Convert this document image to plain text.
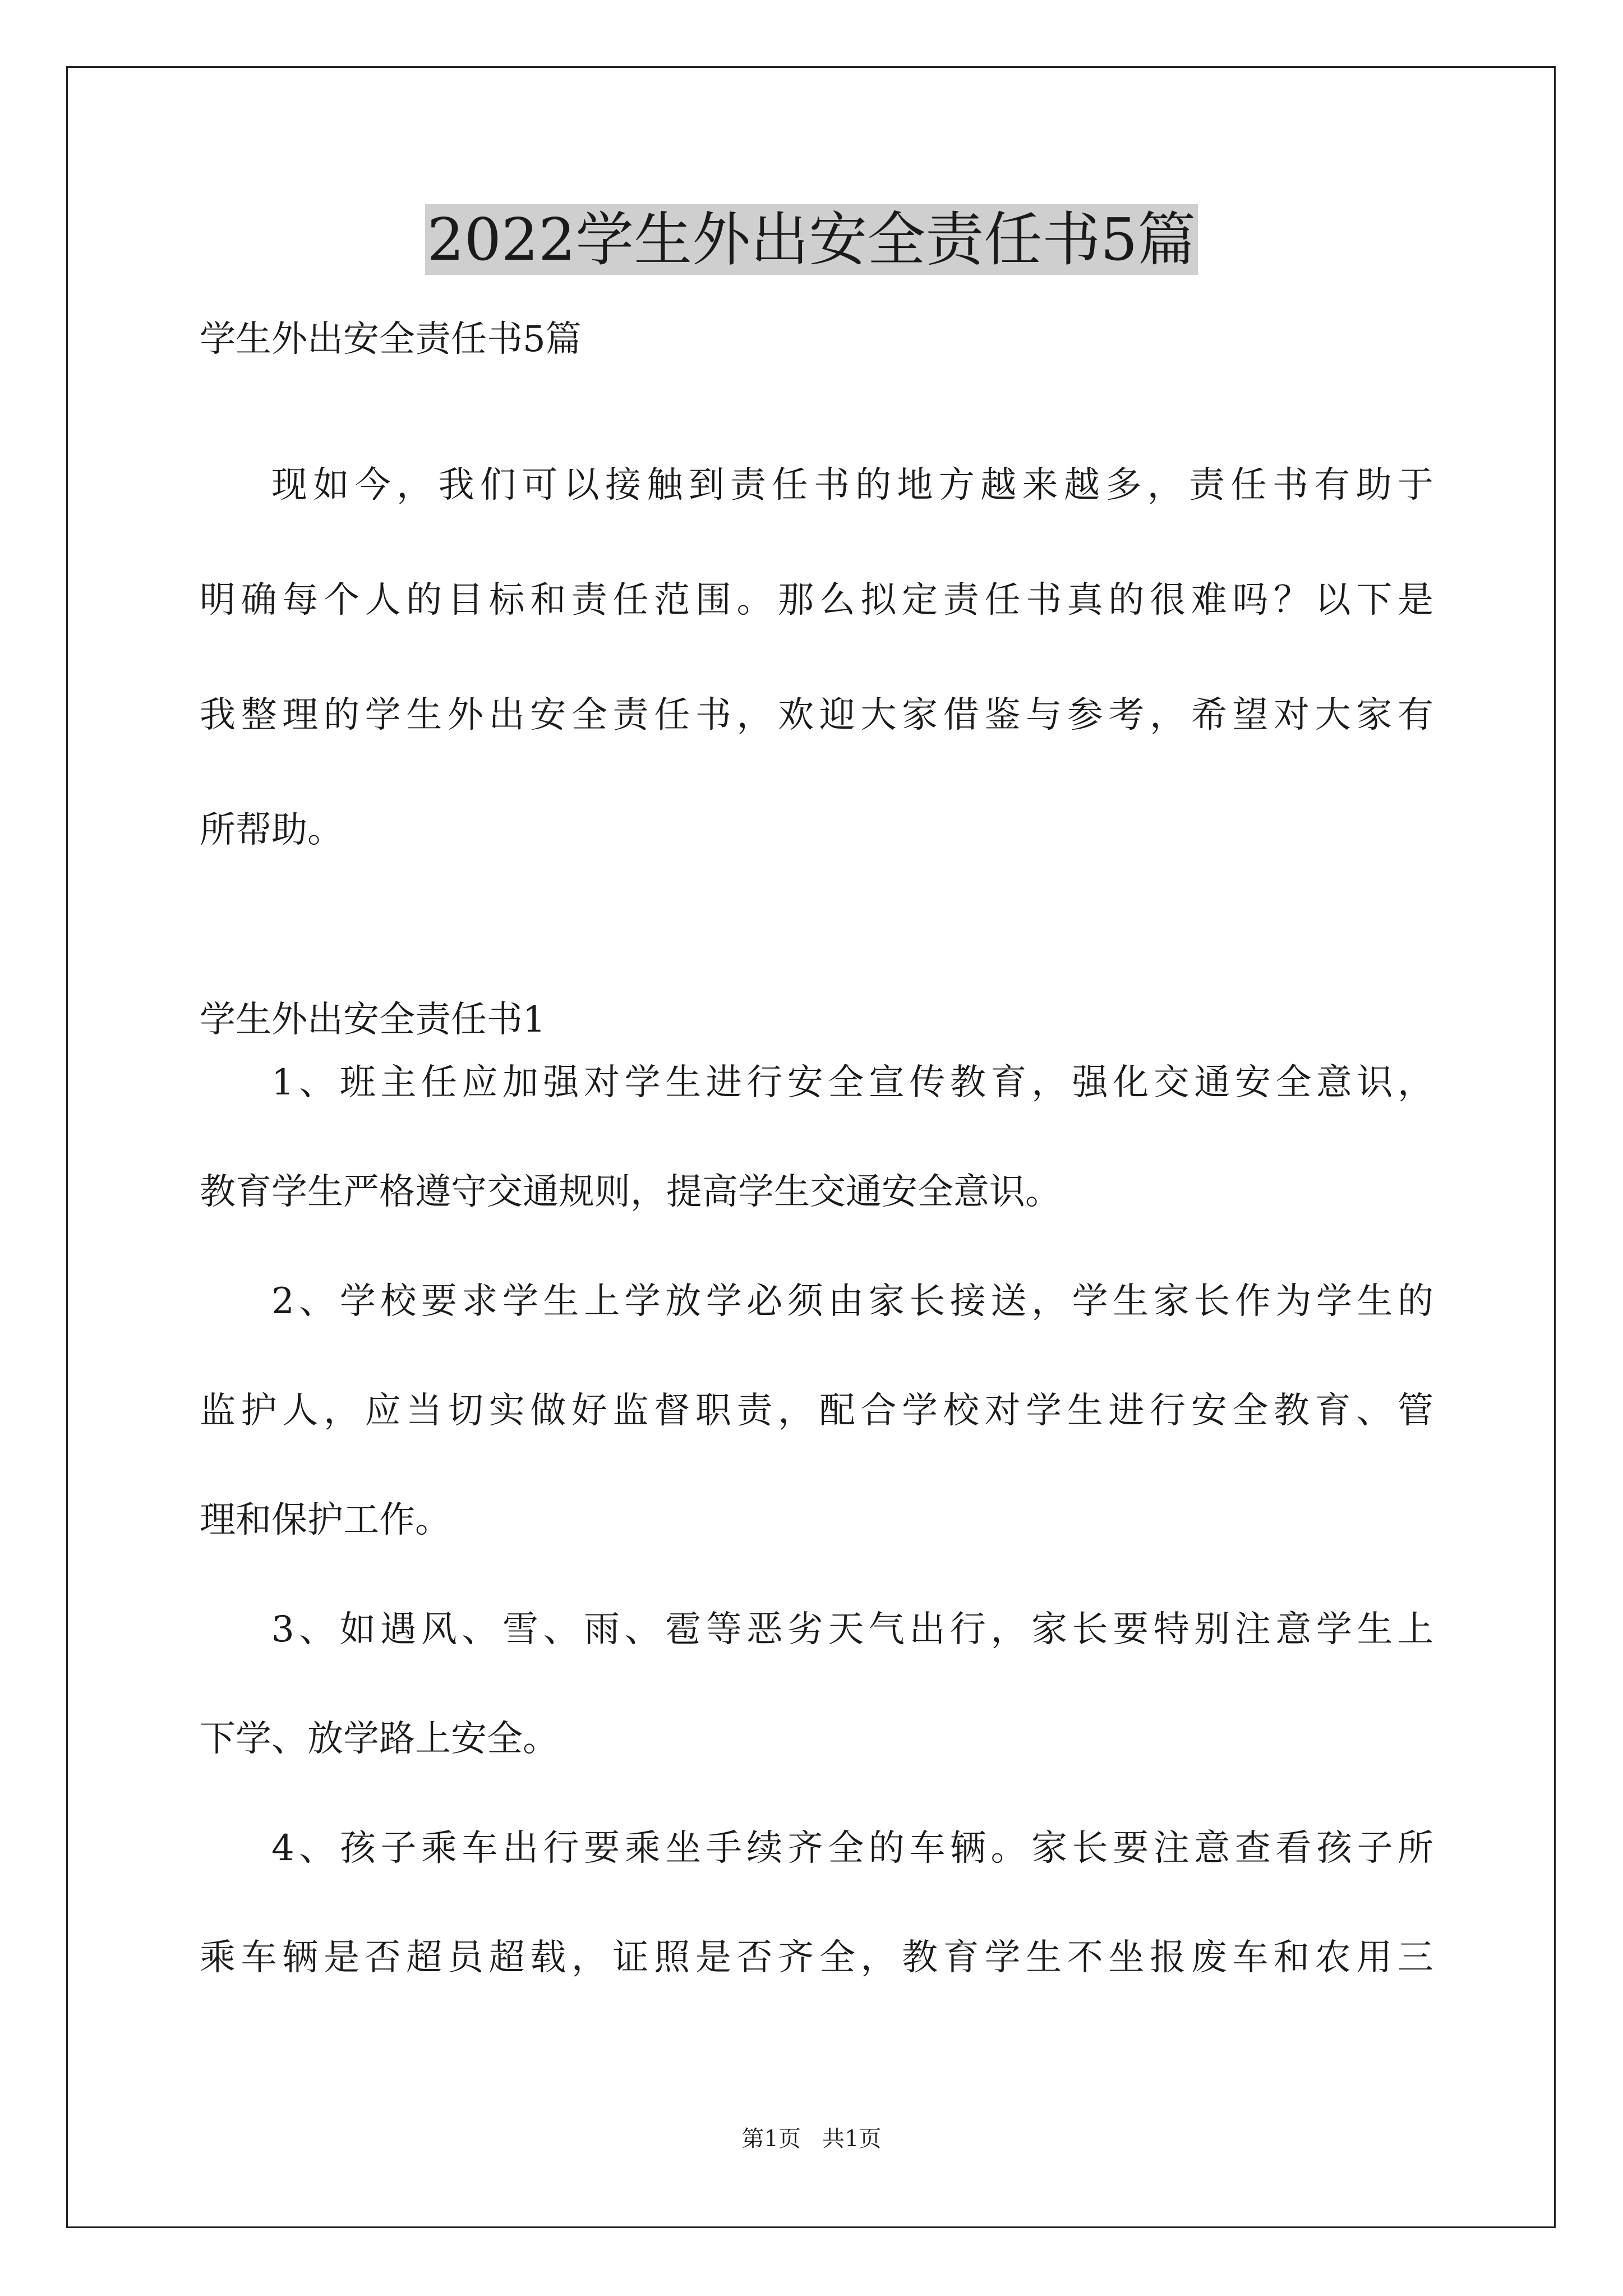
2022学生外出安全责任书5篇

学生外出安全责任书5篇

现如今，我们可以接触到责任书的地方越来越多，责任书有助于
明确每个人的目标和责任范围。那么拟定责任书真的很难吗？以下是
我整理的学生外出安全责任书，欢迎大家借鉴与参考，希望对大家有
所帮助。
学生外出安全责任书1
1、班主任应加强对学生进行安全宣传教育，强化交通安全意识，
教育学生严格遵守交通规则，提高学生交通安全意识。
2、学校要求学生上学放学必须由家长接送，学生家长作为学生的
监护人，应当切实做好监督职责，配合学校对学生进行安全教育、管
理和保护工作。
3、如遇风、雪、雨、雹等恶劣天气出行，家长要特别注意学生上
下学、放学路上安全。
4、孩子乘车出行要乘坐手续齐全的车辆。家长要注意查看孩子所
乘车辆是否超员超载，证照是否齐全，教育学生不坐报废车和农用三
第1页   共1页
